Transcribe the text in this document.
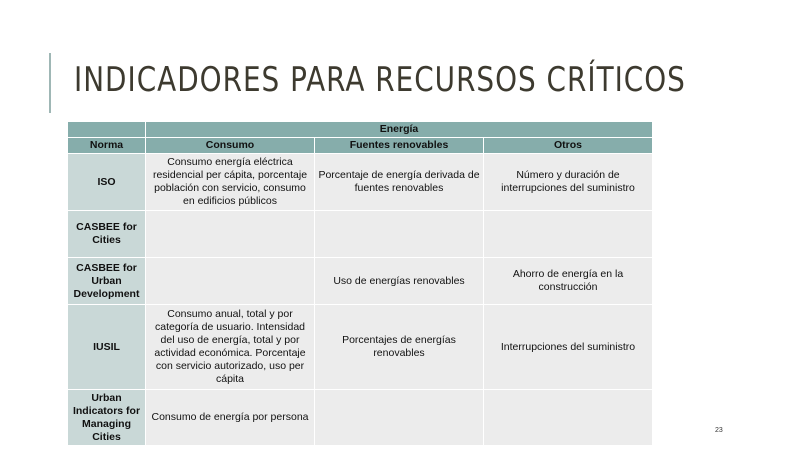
INDICADORES PARA RECURSOS CRÍTICOS
	Energía		
Norma	Consumo	Fuentes renovables	Otros
ISO	Consumo energía eléctrica residencial per cápita, porcentaje población con servicio, consumo en edificios públicos	Porcentaje de energía derivada de fuentes renovables	Número y duración de interrupciones del suministro
CASBEE for Cities			
CASBEE for Urban Development		Uso de energías renovables	Ahorro de energía en la construcción
IUSIL	Consumo anual, total y por categoría de usuario. Intensidad del uso de energía, total y por actividad económica. Porcentaje con servicio autorizado, uso per cápita	Porcentajes de energías renovables	Interrupciones del suministro
Urban Indicators for Managing Cities	Consumo de energía por persona		
23
